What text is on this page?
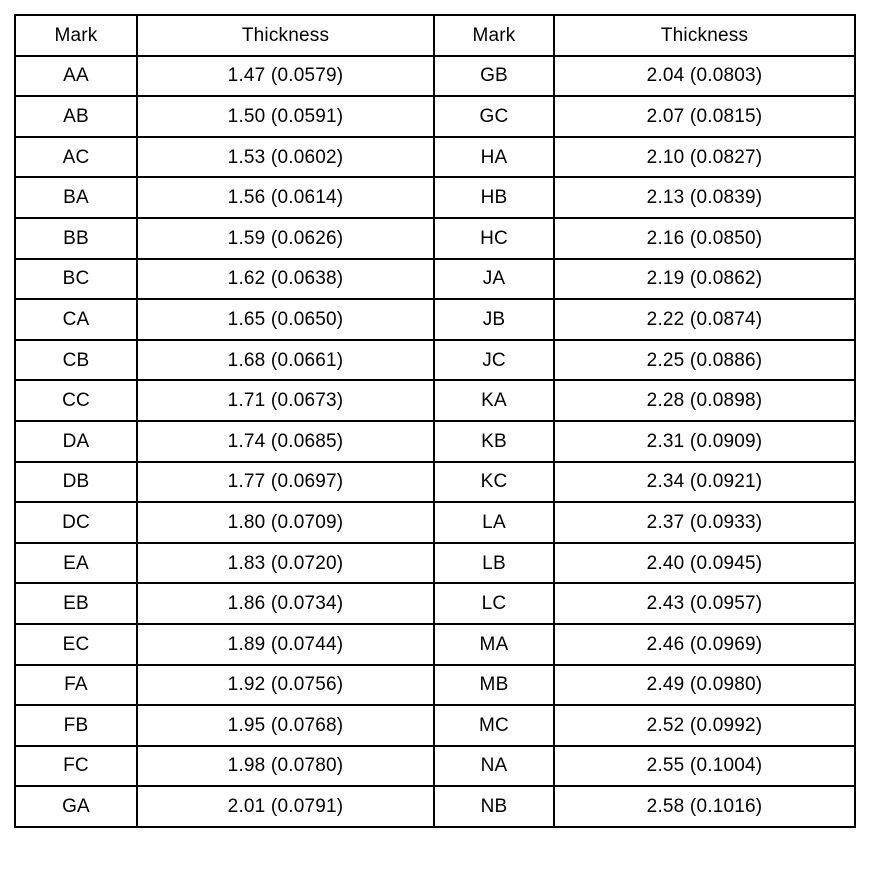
Mark	Thickness	Mark	Thickness
AA	1.47 (0.0579)	GB	2.04 (0.0803)
AB	1.50 (0.0591)	GC	2.07 (0.0815)
AC	1.53 (0.0602)	HA	2.10 (0.0827)
BA	1.56 (0.0614)	HB	2.13 (0.0839)
BB	1.59 (0.0626)	HC	2.16 (0.0850)
BC	1.62 (0.0638)	JA	2.19 (0.0862)
CA	1.65 (0.0650)	JB	2.22 (0.0874)
CB	1.68 (0.0661)	JC	2.25 (0.0886)
CC	1.71 (0.0673)	KA	2.28 (0.0898)
DA	1.74 (0.0685)	KB	2.31 (0.0909)
DB	1.77 (0.0697)	KC	2.34 (0.0921)
DC	1.80 (0.0709)	LA	2.37 (0.0933)
EA	1.83 (0.0720)	LB	2.40 (0.0945)
EB	1.86 (0.0734)	LC	2.43 (0.0957)
EC	1.89 (0.0744)	MA	2.46 (0.0969)
FA	1.92 (0.0756)	MB	2.49 (0.0980)
FB	1.95 (0.0768)	MC	2.52 (0.0992)
FC	1.98 (0.0780)	NA	2.55 (0.1004)
GA	2.01 (0.0791)	NB	2.58 (0.1016)
